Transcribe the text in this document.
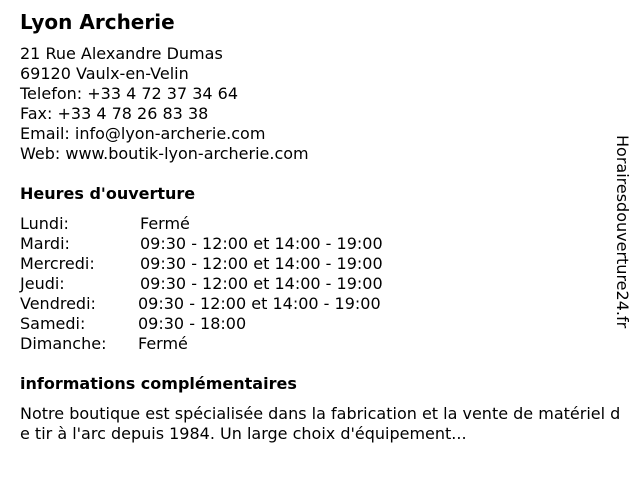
Lyon Archerie
21 Rue Alexandre Dumas
69120 Vaulx-en-Velin
Telefon: +33 4 72 37 34 64
Fax: +33 4 78 26 83 38
Email: info@lyon-archerie.com
Web: www.boutik-lyon-archerie.com
Heures d'ouverture
Lundi:	Fermé
Mardi:	09:30 - 12:00 et 14:00 - 19:00
Mercredi:	09:30 - 12:00 et 14:00 - 19:00
Jeudi:	09:30 - 12:00 et 14:00 - 19:00
Vendredi:	09:30 - 12:00 et 14:00 - 19:00
Samedi:	09:30 - 18:00
Dimanche: Fermé
informations complémentaires
Notre boutique est spécialisée dans la fabrication et la vente de matériel de tir à l'arc depuis 1984. Un large choix d'équipement...
Horairesdouverture24.fr
